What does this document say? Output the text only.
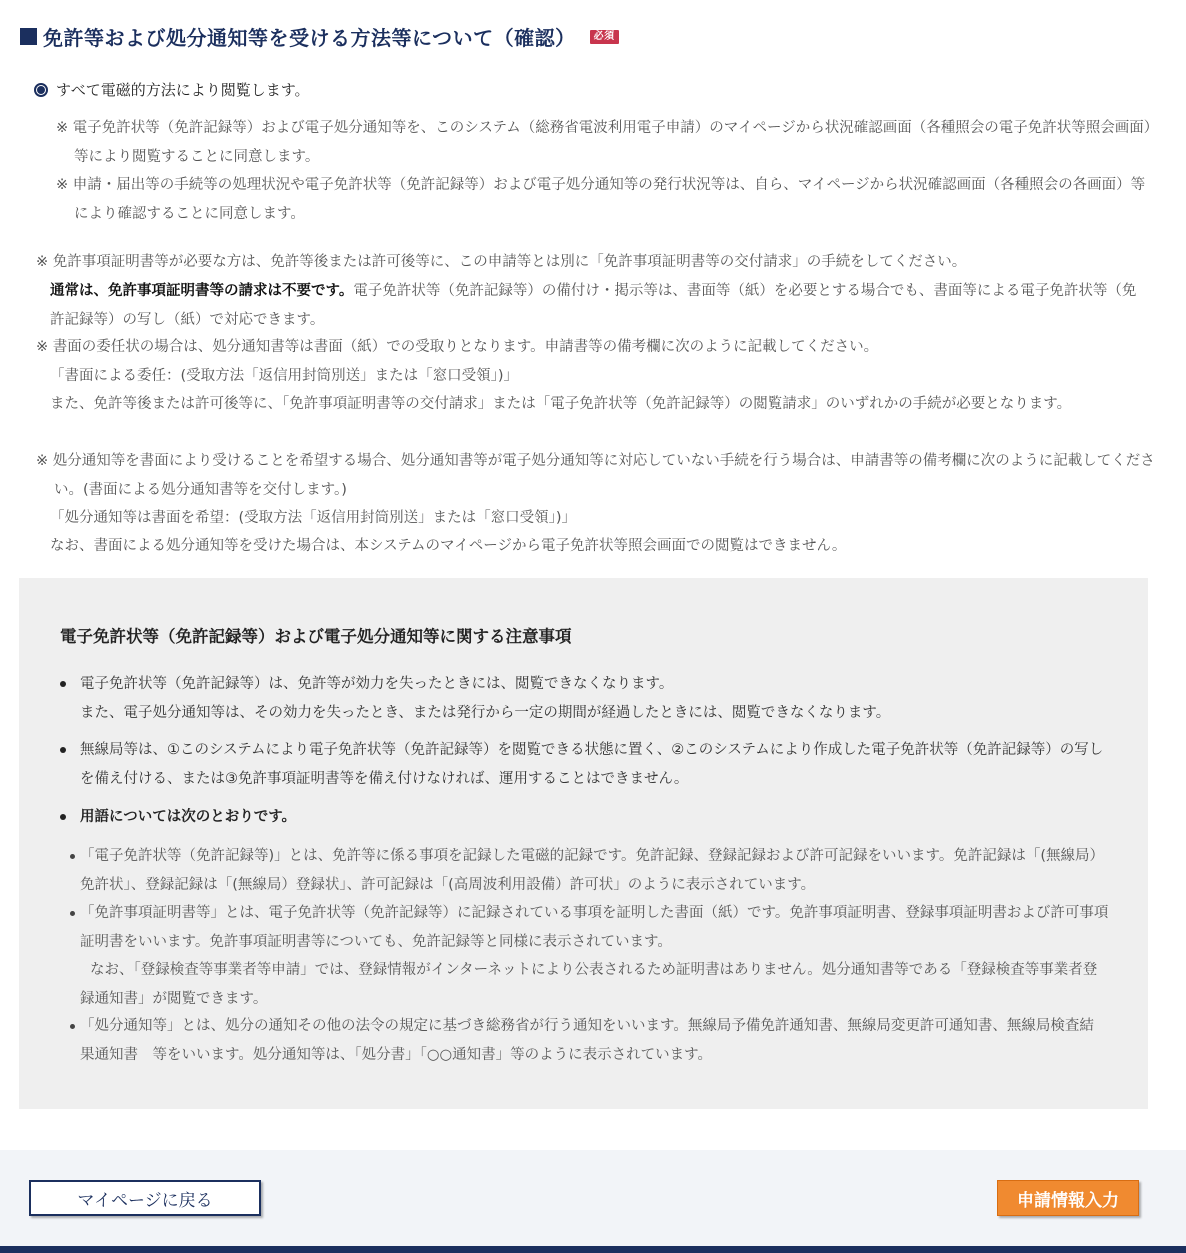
免許等および処分通知等を受ける方法等について（確認）	必須
すべて電磁的方法により閲覧します。

※ 電子免許状等（免許記録等）および電子処分通知等を、このシステム（総務省電波利用電子申請）のマイページから状況確認画面（各種照会の電子免許状等照会画面）等により閲覧することに同意します。

※ 申請・届出等の手続等の処理状況や電子免許状等（免許記録等）および電子処分通知等の発行状況等は、自ら、マイページから状況確認画面（各種照会の各画面）等により確認することに同意します。

※ 免許事項証明書等が必要な方は、免許等後または許可後等に、この申請等とは別に「免許事項証明書等の交付請求」の手続をしてください。

通常は、免許事項証明書等の請求は不要です。電子免許状等（免許記録等）の備付け・掲示等は、書面等（紙）を必要とする場合でも、書面等による電子免許状等（免許記録等）の写し（紙）で対応できます。

※ 書面の委任状の場合は、処分通知書等は書面（紙）での受取りとなります。申請書等の備考欄に次のように記載してください。

「書面による委任：(受取方法「返信用封筒別送」または「窓口受領」)」

また、免許等後または許可後等に、「免許事項証明書等の交付請求」または「電子免許状等（免許記録等）の閲覧請求」のいずれかの手続が必要となります。

※ 処分通知等を書面により受けることを希望する場合、処分通知書等が電子処分通知等に対応していない手続を行う場合は、申請書等の備考欄に次のように記載してください。(書面による処分通知書等を交付します。)

「処分通知等は書面を希望：(受取方法「返信用封筒別送」または「窓口受領」)」

なお、書面による処分通知等を受けた場合は、本システムのマイページから電子免許状等照会画面での閲覧はできません。

電子免許状等（免許記録等）および電子処分通知等に関する注意事項
電子免許状等（免許記録等）は、免許等が効力を失ったときには、閲覧できなくなります。
また、電子処分通知等は、その効力を失ったとき、または発行から一定の期間が経過したときには、閲覧できなくなります。
無線局等は、①このシステムにより電子免許状等（免許記録等）を閲覧できる状態に置く、②このシステムにより作成した電子免許状等（免許記録等）の写しを備え付ける、または③免許事項証明書等を備え付けなければ、運用することはできません。
用語については次のとおりです。
「電子免許状等（免許記録等)」とは、免許等に係る事項を記録した電磁的記録です。免許記録、登録記録および許可記録をいいます。免許記録は「(無線局）免許状」、登録記録は「(無線局）登録状」、許可記録は「(高周波利用設備）許可状」のように表示されています。
「免許事項証明書等」とは、電子免許状等（免許記録等）に記録されている事項を証明した書面（紙）です。免許事項証明書、登録事項証明書および許可事項証明書をいいます。免許事項証明書等についても、免許記録等と同様に表示されています。
なお、「登録検査等事業者等申請」では、登録情報がインターネットにより公表されるため証明書はありません。処分通知書等である「登録検査等事業者登録通知書」が閲覧できます。
「処分通知等」とは、処分の通知その他の法令の規定に基づき総務省が行う通知をいいます。無線局予備免許通知書、無線局変更許可通知書、無線局検査結果通知書　等をいいます。処分通知等は、「処分書」「○○通知書」等のように表示されています。
マイページに戻る	申請情報入力
